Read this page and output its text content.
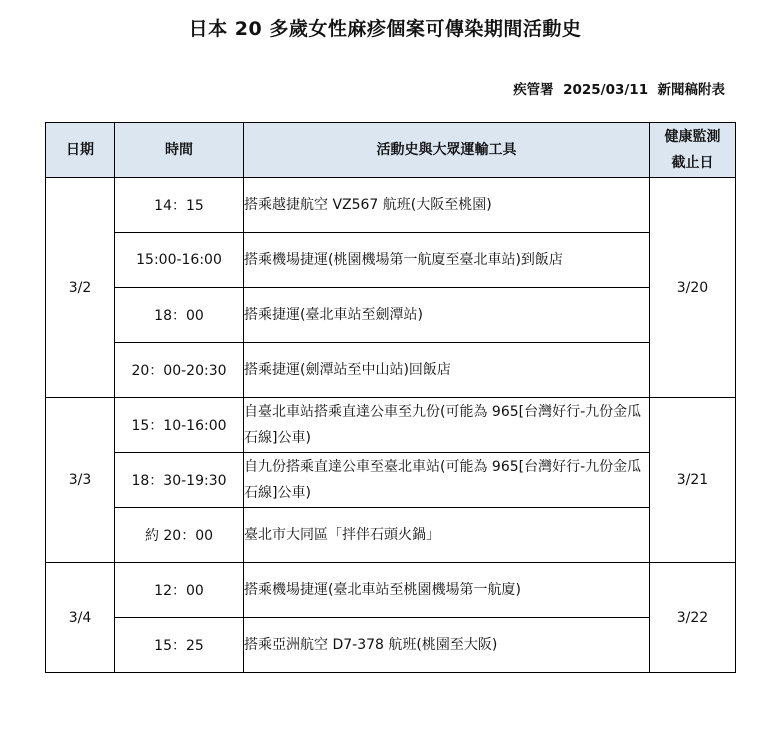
日本 20 多歲女性麻疹個案可傳染期間活動史
疾管署  2025/03/11  新聞稿附表
日期	時間	活動史與大眾運輸工具	健康監測
截止日

3/2	14：15	搭乘越捷航空 VZ567 航班(大阪至桃園)	3/20
	15:00-16:00	搭乘機場捷運(桃園機場第一航廈至臺北車站)到飯店	
	18：00	搭乘捷運(臺北車站至劍潭站)	
	20：00-20:30	搭乘捷運(劍潭站至中山站)回飯店	
3/3	15：10-16:00	自臺北車站搭乘直達公車至九份(可能為 965[台灣好行-九份金瓜石線]公車)	3/21
	18：30-19:30	自九份搭乘直達公車至臺北車站(可能為 965[台灣好行-九份金瓜石線]公車)	
	約 20：00	臺北市大同區「拌伴石頭火鍋」	
3/4	12：00	搭乘機場捷運(臺北車站至桃園機場第一航廈)	3/22
	15：25	搭乘亞洲航空 D7-378 航班(桃園至大阪)	
